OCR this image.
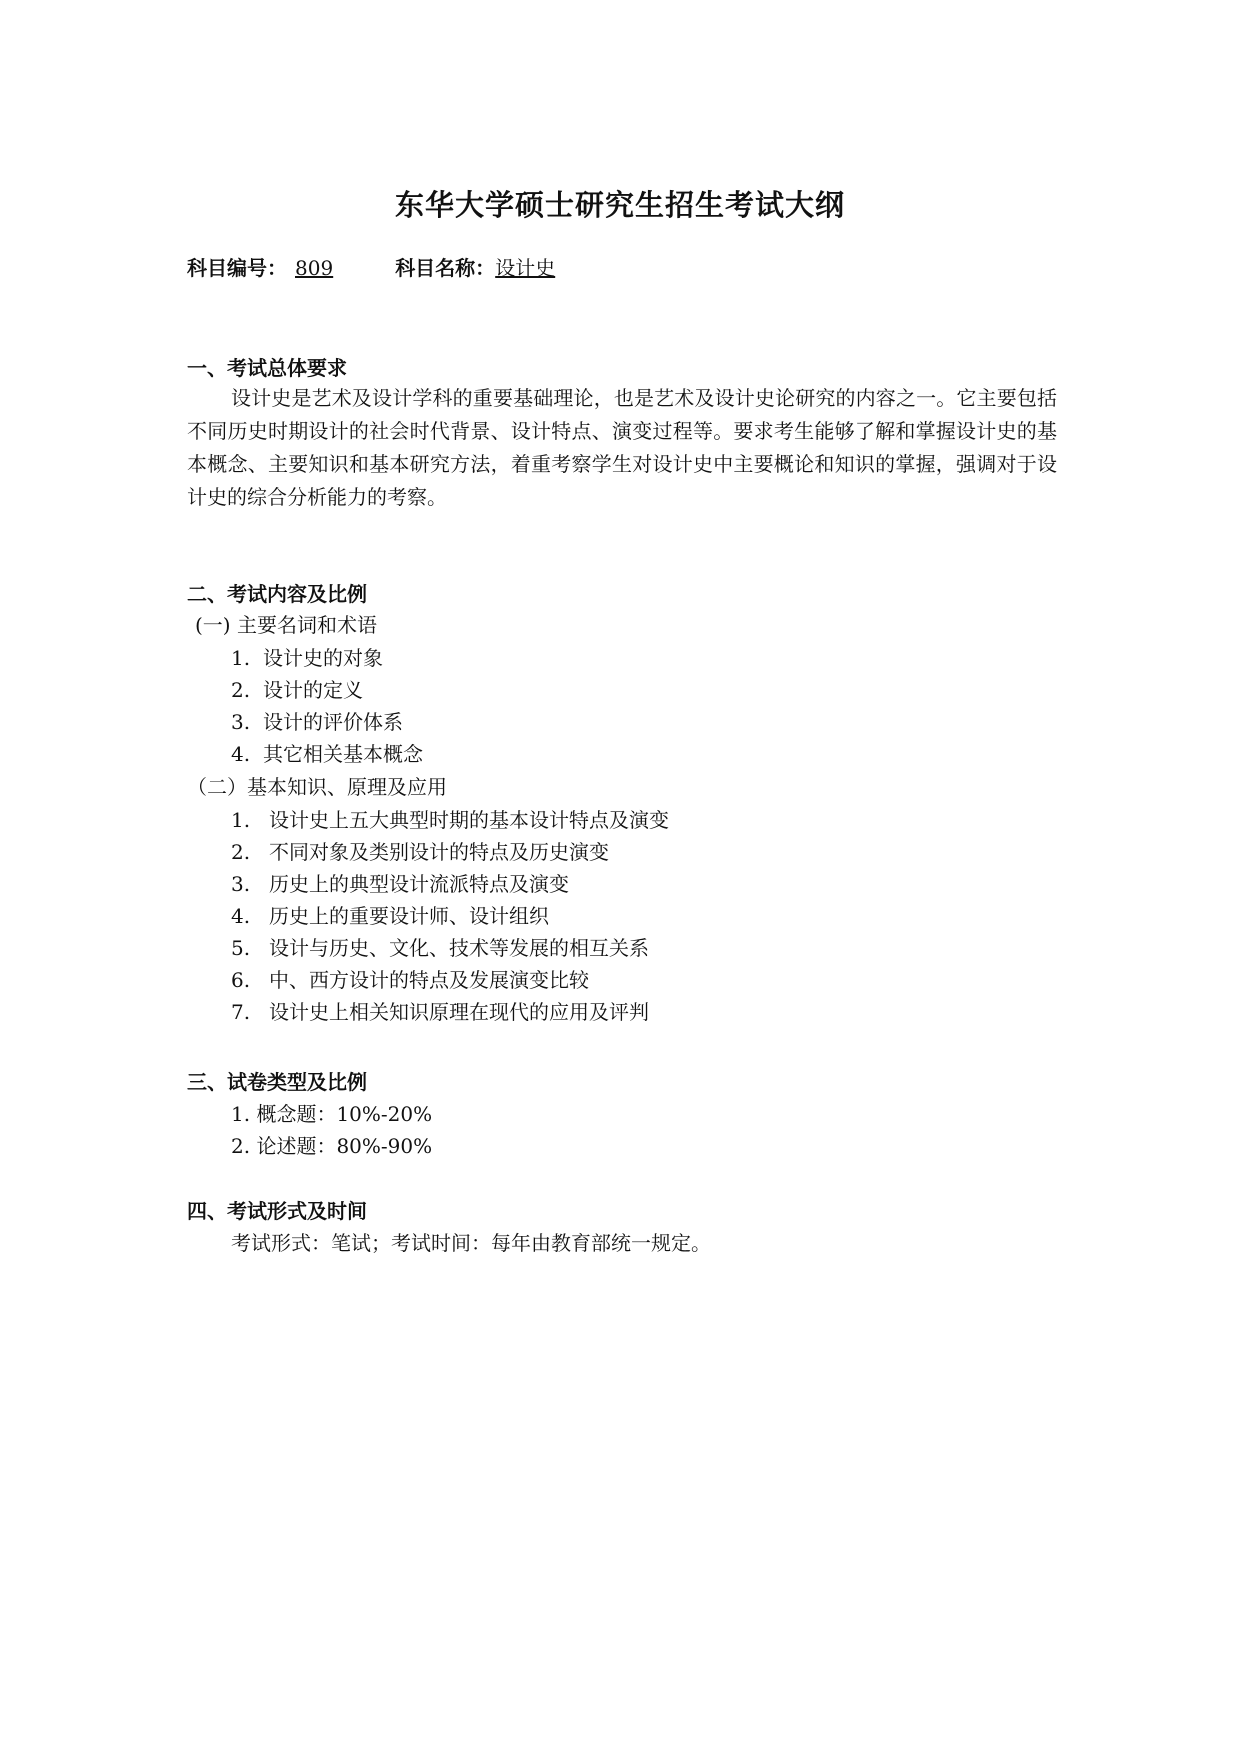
东华大学硕士研究生招生考试大纲
科目编号： 809	科目名称：设计史
一、考试总体要求
设计史是艺术及设计学科的重要基础理论，也是艺术及设计史论研究的内容之一。它主要包括不同历史时期设计的社会时代背景、设计特点、演变过程等。要求考生能够了解和掌握设计史的基本概念、主要知识和基本研究方法，着重考察学生对设计史中主要概论和知识的掌握，强调对于设计史的综合分析能力的考察。
二、考试内容及比例
(一) 主要名词和术语
1. 设计史的对象
2. 设计的定义
3. 设计的评价体系
4. 其它相关基本概念
（二）基本知识、原理及应用
1. 设计史上五大典型时期的基本设计特点及演变
2. 不同对象及类别设计的特点及历史演变
3. 历史上的典型设计流派特点及演变
4. 历史上的重要设计师、设计组织
5. 设计与历史、文化、技术等发展的相互关系
6. 中、西方设计的特点及发展演变比较
7. 设计史上相关知识原理在现代的应用及评判
三、试卷类型及比例
1. 概念题：10%-20%
2. 论述题：80%-90%
四、考试形式及时间
考试形式：笔试；考试时间：每年由教育部统一规定。
